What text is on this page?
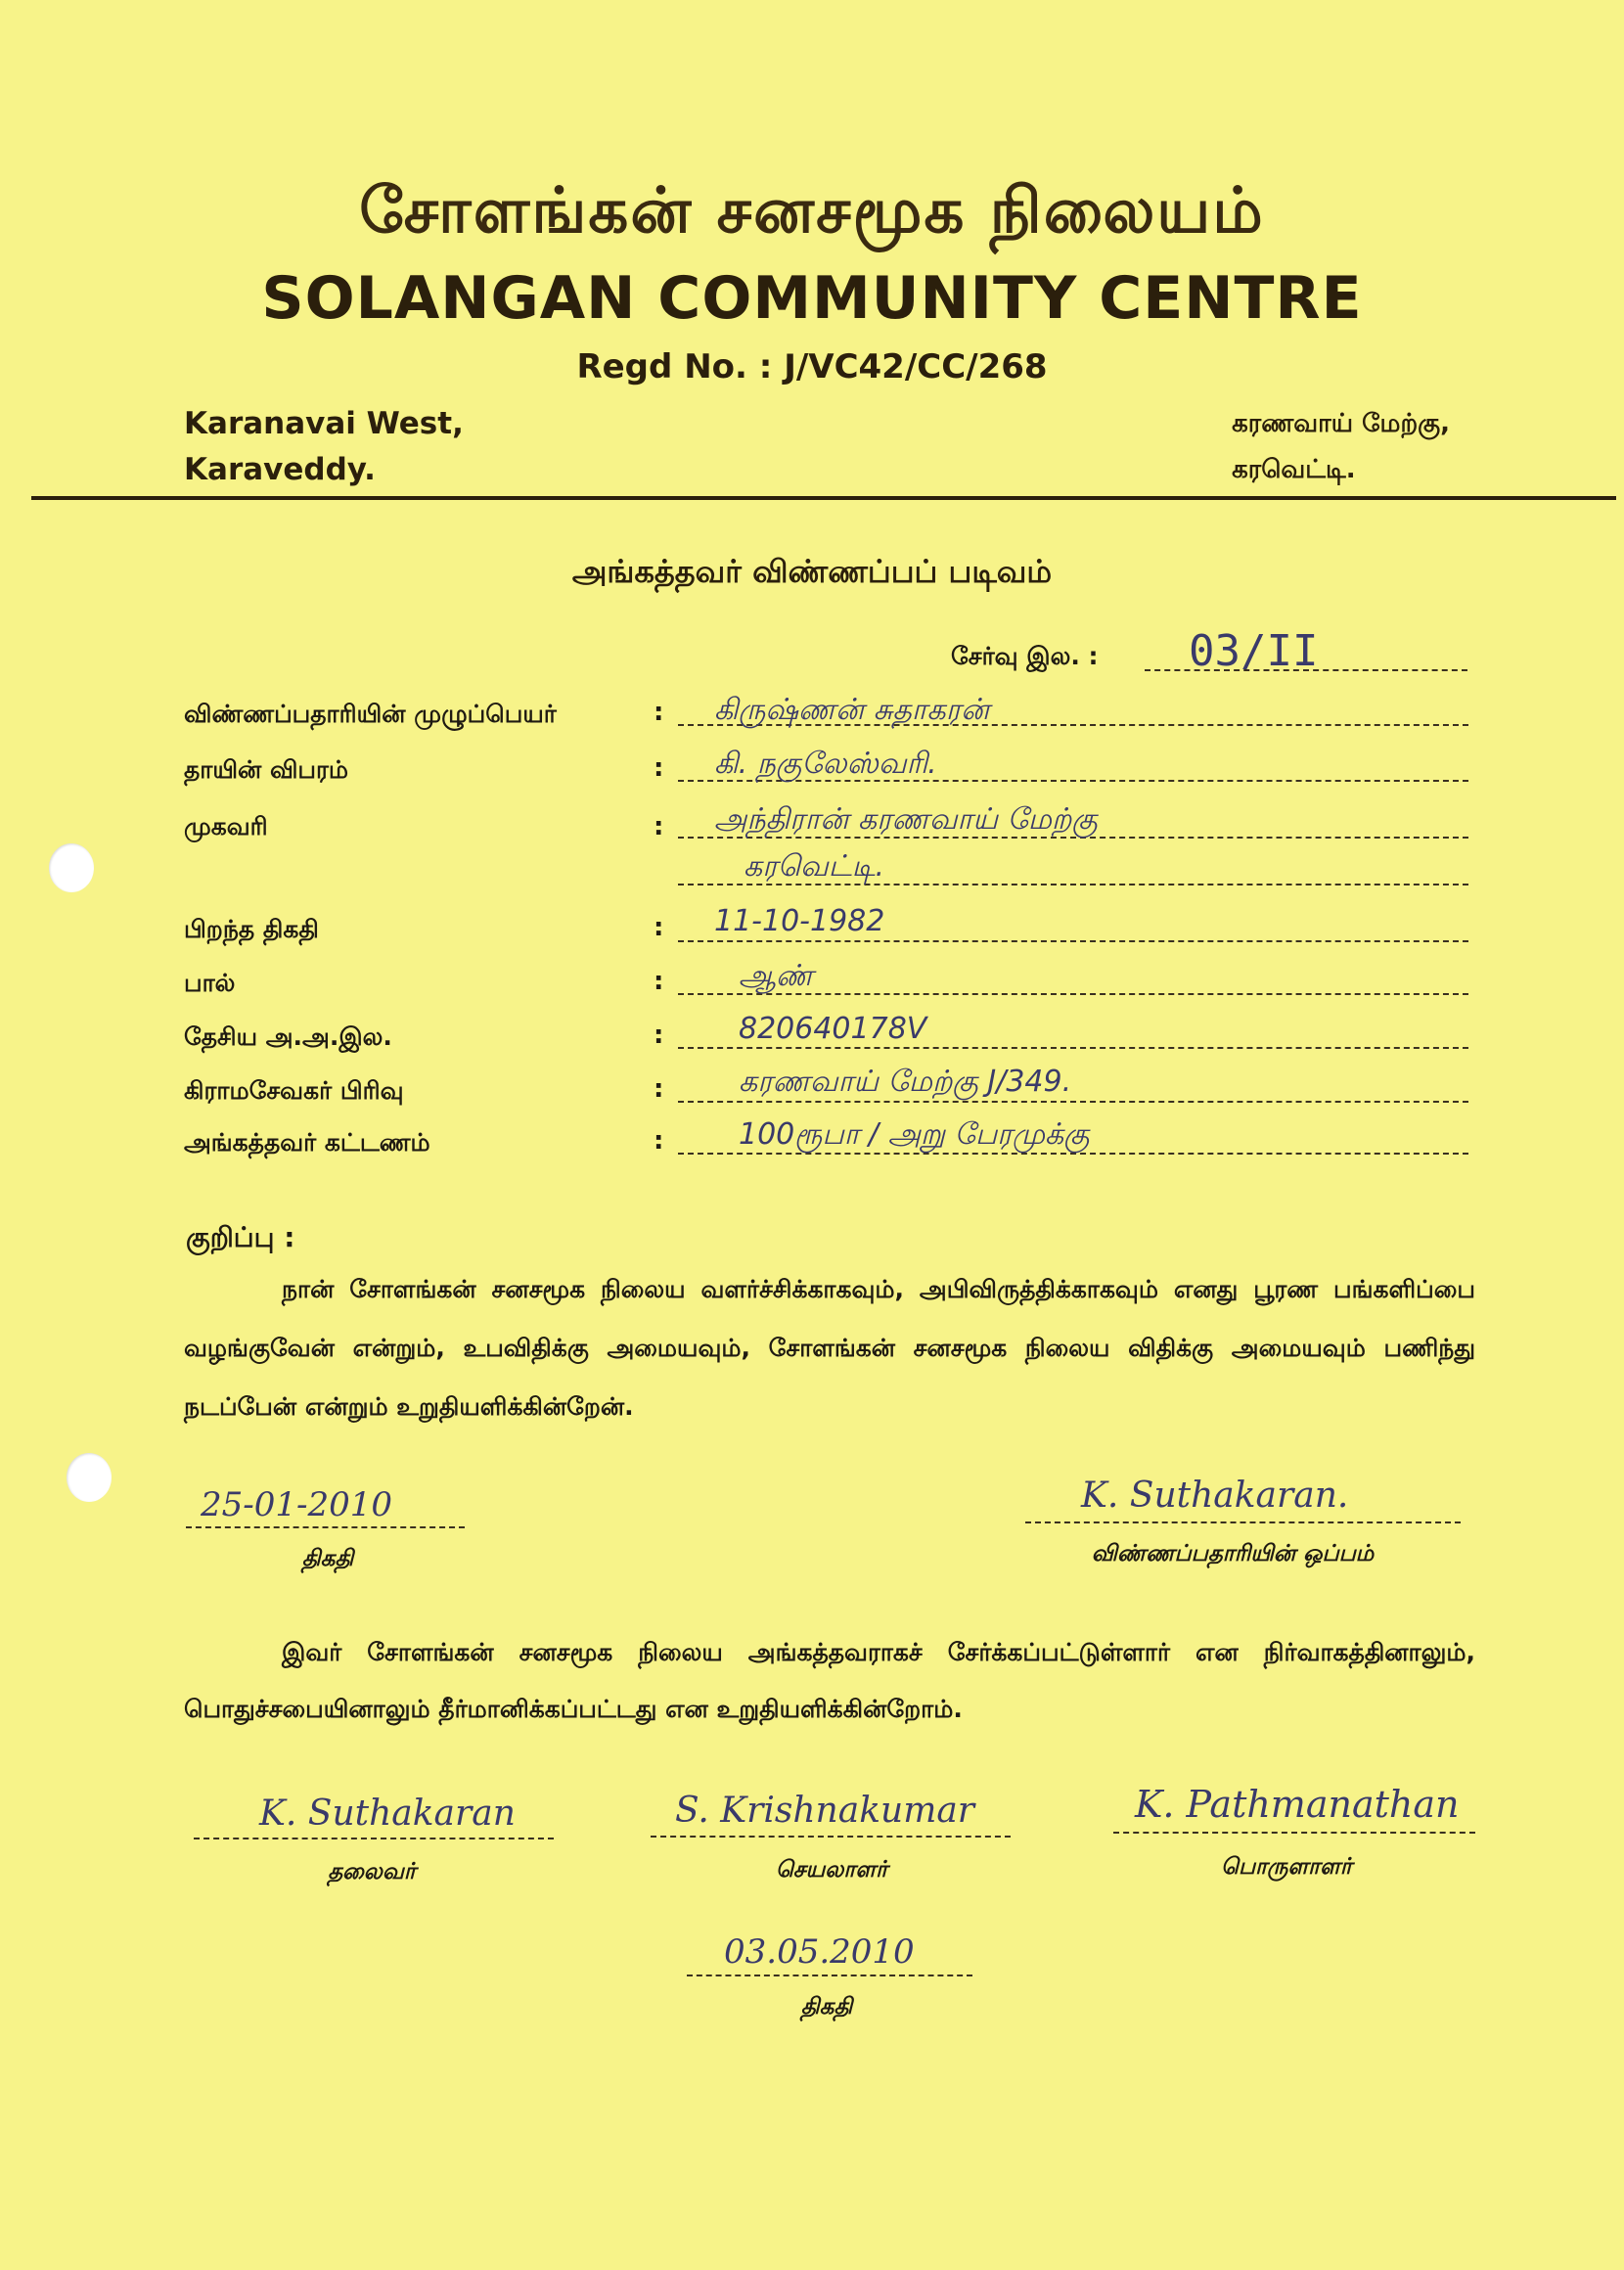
சோளங்கன் சனசமூக நிலையம்
SOLANGAN COMMUNITY CENTRE
Regd No. : J/VC42/CC/268
Karanavai West,
Karaveddy.
கரணவாய் மேற்கு,
கரவெட்டி.
அங்கத்தவர் விண்ணப்பப் படிவம்
சேர்வு இல. : 03/II
விண்ணப்பதாரியின் முழுப்பெயர்	: கிருஷ்ணன் சுதாகரன்
தாயின் விபரம்	: கி. நகுலேஸ்வரி.
முகவரி	: அந்திரான் கரணவாய் மேற்கு
கரவெட்டி.
பிறந்த திகதி	: 11-10-1982
பால்	:	ஆண்
தேசிய அ.அ.இல.	:	820640178V
கிராமசேவகர் பிரிவு	:	கரணவாய் மேற்கு J/349.
அங்கத்தவர் கட்டணம்	:	100ரூபா / அறு பேரமுக்கு
குறிப்பு :
நான் சோளங்கன் சனசமூக நிலைய வளர்ச்சிக்காகவும், அபிவிருத்திக்காகவும் எனது பூரண பங்களிப்பை வழங்குவேன் என்றும், உபவிதிக்கு அமையவும், சோளங்கன் சனசமூக நிலைய விதிக்கு அமையவும் பணிந்து நடப்பேன் என்றும் உறுதியளிக்கின்றேன்.
25-01-2010
திகதி
K. Suthakaran.
விண்ணப்பதாரியின் ஒப்பம்
இவர் சோளங்கன் சனசமூக நிலைய அங்கத்தவராகச் சேர்க்கப்பட்டுள்ளார் என நிர்வாகத்தினாலும், பொதுச்சபையினாலும் தீர்மானிக்கப்பட்டது என உறுதியளிக்கின்றோம்.
K. Suthakaran
தலைவர்
S. Krishnakumar
செயலாளர்
K. Pathmanathan
பொருளாளர்
03.05.2010
திகதி
